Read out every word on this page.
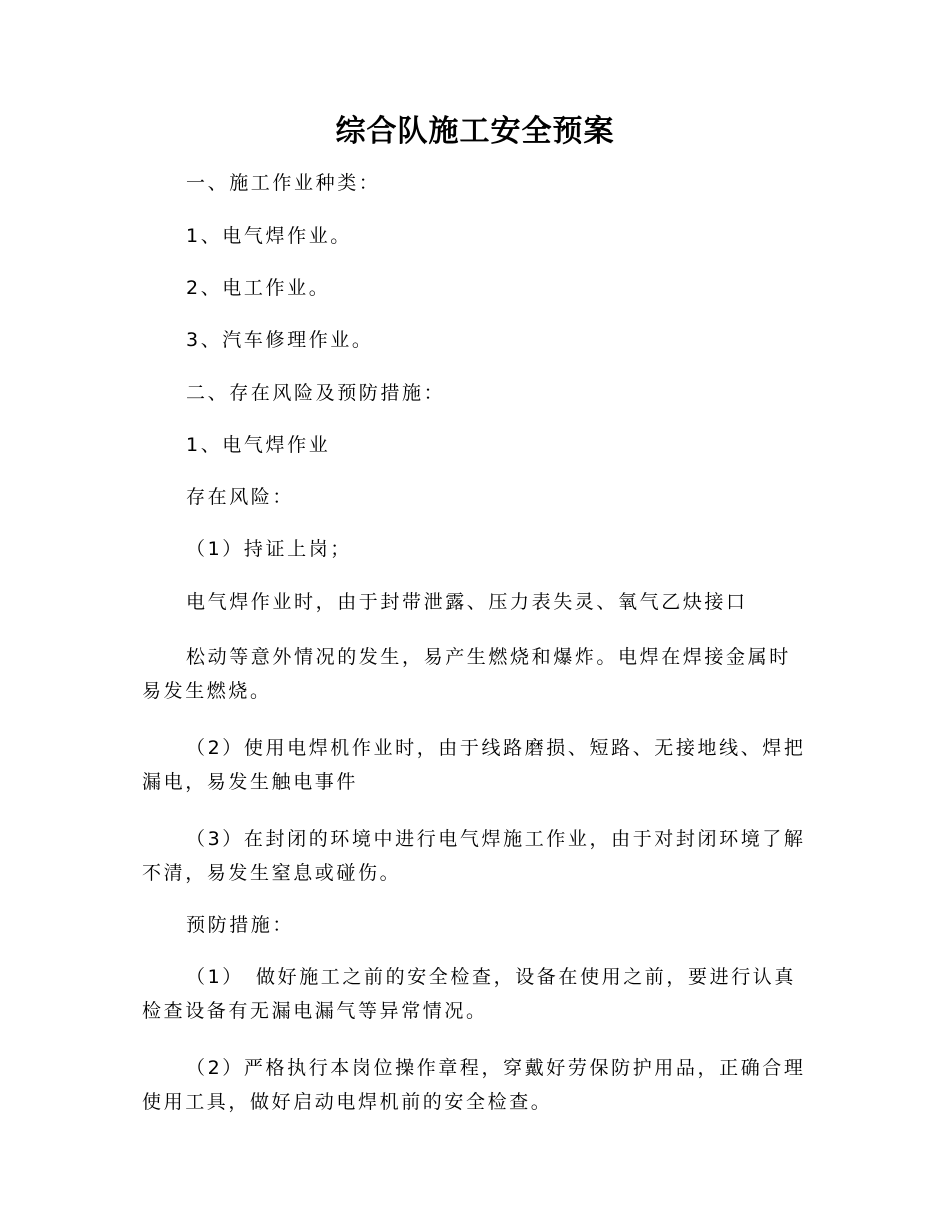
综合队施工安全预案
一、施工作业种类：
1、电气焊作业。
2、电工作业。
3、汽车修理作业。
二、存在风险及预防措施：
1、电气焊作业
存在风险：
（1）持证上岗；
电气焊作业时，由于封带泄露、压力表失灵、氧气乙炔接口
松动等意外情况的发生，易产生燃烧和爆炸。电焊在焊接金属时易发生燃烧。
（2）使用电焊机作业时，由于线路磨损、短路、无接地线、焊把漏电，易发生触电事件
（3）在封闭的环境中进行电气焊施工作业，由于对封闭环境了解不清，易发生窒息或碰伤。
预防措施：
（1）　做好施工之前的安全检查，设备在使用之前，要进行认真检查设备有无漏电漏气等异常情况。
（2）严格执行本岗位操作章程，穿戴好劳保防护用品，正确合理使用工具，做好启动电焊机前的安全检查。
